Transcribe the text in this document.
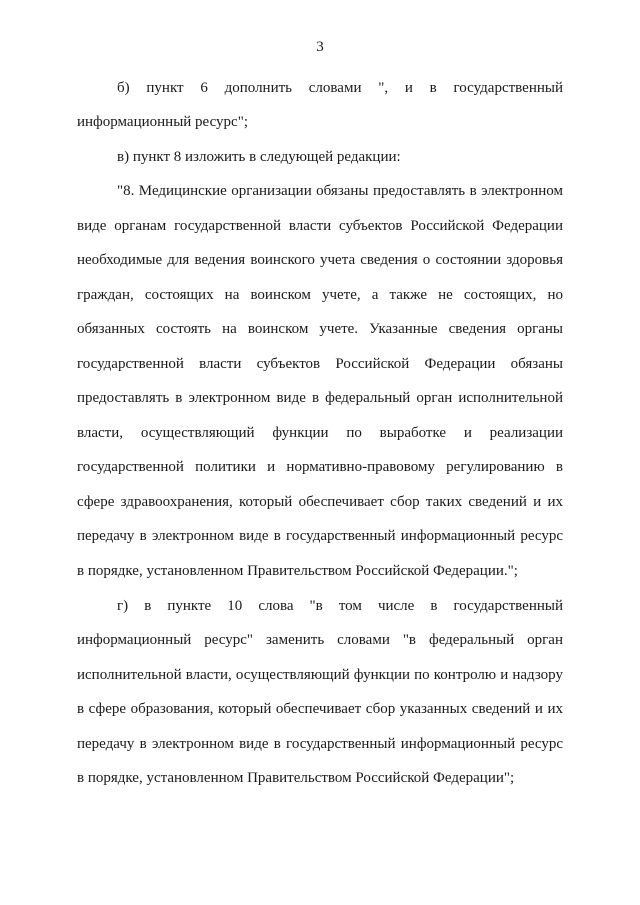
3
б) пункт 6 дополнить словами ", и в государственный
информационный ресурс";
в) пункт 8 изложить в следующей редакции:
"8. Медицинские организации обязаны предоставлять в электронном
виде органам государственной власти субъектов Российской Федерации
необходимые для ведения воинского учета сведения о состоянии здоровья
граждан, состоящих на воинском учете, а также не состоящих, но
обязанных состоять на воинском учете. Указанные сведения органы
государственной власти субъектов Российской Федерации обязаны
предоставлять в электронном виде в федеральный орган исполнительной
власти, осуществляющий функции по выработке и реализации
государственной политики и нормативно-правовому регулированию в
сфере здравоохранения, который обеспечивает сбор таких сведений и их
передачу в электронном виде в государственный информационный ресурс
в порядке, установленном Правительством Российской Федерации.";
г) в пункте 10 слова "в том числе в государственный
информационный ресурс" заменить словами "в федеральный орган
исполнительной власти, осуществляющий функции по контролю и надзору
в сфере образования, который обеспечивает сбор указанных сведений и их
передачу в электронном виде в государственный информационный ресурс
в порядке, установленном Правительством Российской Федерации";
